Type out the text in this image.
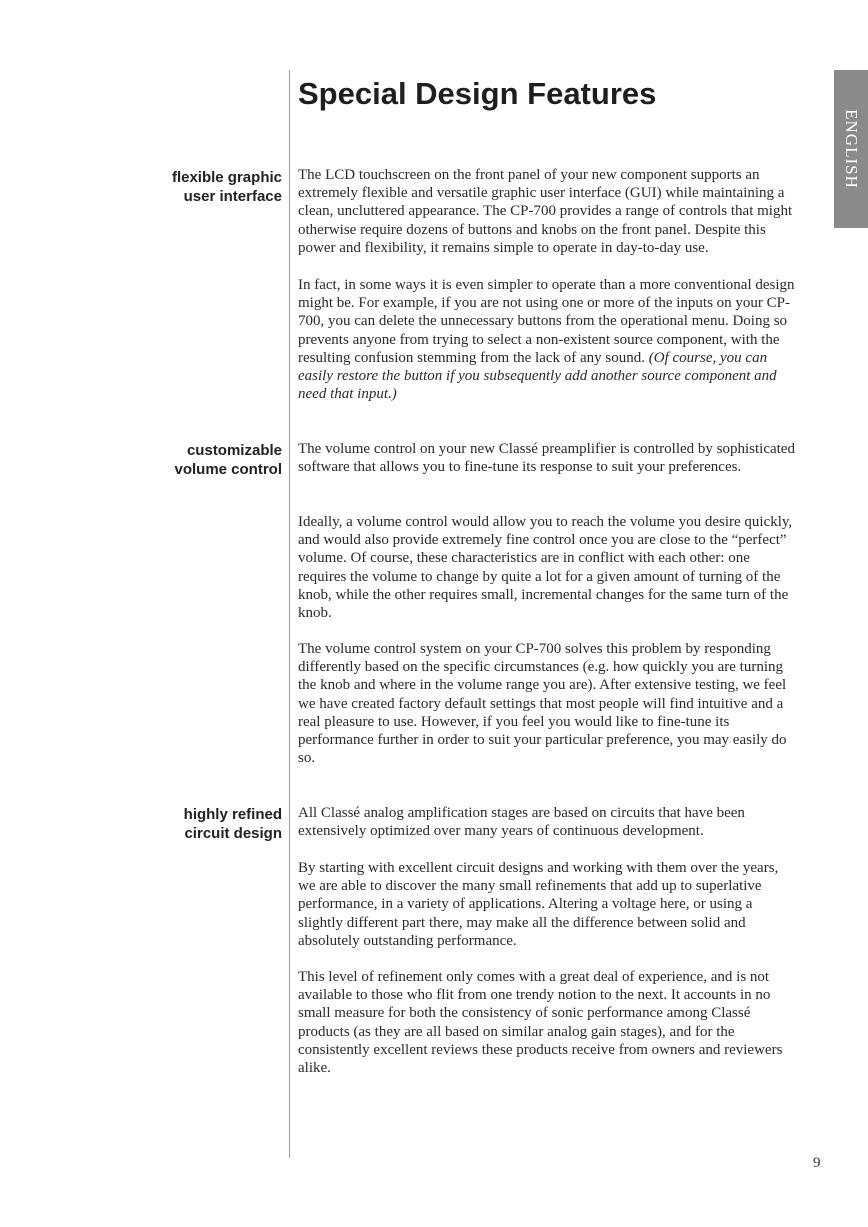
ENGLISH
Special Design Features
flexible graphic
user interface

The LCD touchscreen on the front panel of your new component supports an extremely flexible and versatile graphic user interface (GUI) while maintaining a clean, uncluttered appearance. The CP-700 provides a range of controls that might otherwise require dozens of buttons and knobs on the front panel. Despite this power and flexibility, it remains simple to operate in day-to-day use.

In fact, in some ways it is even simpler to operate than a more conventional design might be. For example, if you are not using one or more of the inputs on your CP-700, you can delete the unnecessary buttons from the operational menu. Doing so prevents anyone from trying to select a non-existent source component, with the resulting confusion stemming from the lack of any sound. (Of course, you can easily restore the button if you subsequently add another source component and need that input.)

customizable
volume control

The volume control on your new Classé preamplifier is controlled by sophisticated software that allows you to fine-tune its response to suit your preferences.

Ideally, a volume control would allow you to reach the volume you desire quickly, and would also provide extremely fine control once you are close to the “perfect” volume. Of course, these characteristics are in conflict with each other: one requires the volume to change by quite a lot for a given amount of turning of the knob, while the other requires small, incremental changes for the same turn of the knob.

The volume control system on your CP-700 solves this problem by responding differently based on the specific circumstances (e.g. how quickly you are turning the knob and where in the volume range you are). After extensive testing, we feel we have created factory default settings that most people will find intuitive and a real pleasure to use. However, if you feel you would like to fine-tune its performance further in order to suit your particular preference, you may easily do so.

highly refined
circuit design

All Classé analog amplification stages are based on circuits that have been extensively optimized over many years of continuous development.

By starting with excellent circuit designs and working with them over the years, we are able to discover the many small refinements that add up to superlative performance, in a variety of applications. Altering a voltage here, or using a slightly different part there, may make all the difference between solid and absolutely outstanding performance.

This level of refinement only comes with a great deal of experience, and is not available to those who flit from one trendy notion to the next. It accounts in no small measure for both the consistency of sonic performance among Classé products (as they are all based on similar analog gain stages), and for the consistently excellent reviews these products receive from owners and reviewers alike.

9
